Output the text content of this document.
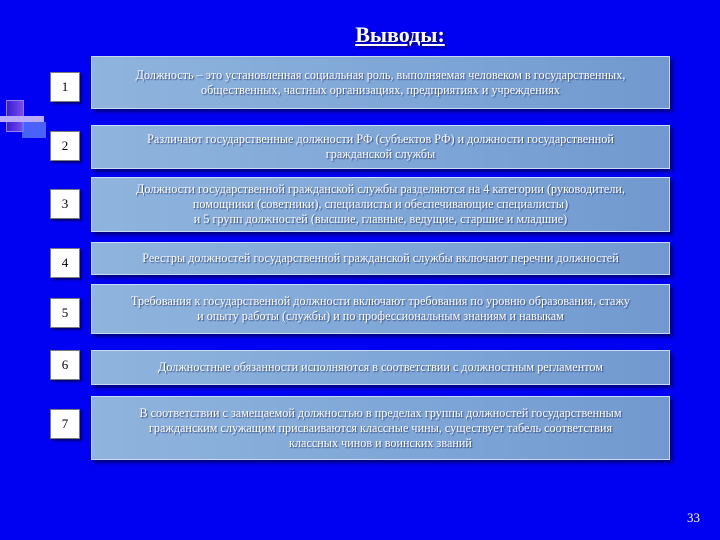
Выводы:
1
Должность – это установленная социальная роль, выполняемая человеком в государственных,
общественных, частных организациях, предприятиях и учреждениях
2	Различают государственные должности РФ (субъектов РФ) и должности государственной
гражданской службы
3
Должности государственной гражданской службы разделяются на 4 категории (руководители,
помощники (советники), специалисты и обеспечивающие специалисты)
и 5 групп должностей (высшие, главные, ведущие, старшие и младшие)
4	Реестры должностей государственной гражданской службы включают перечни должностей
5
Требования к государственной должности включают требования по уровню образования, стажу
и опыту работы (службы) и по профессиональным знаниям и навыкам
6	Должностные обязанности исполняются в соответствии с должностным регламентом
7
В соответствии с замещаемой должностью в пределах группы должностей государственным
гражданским служащим присваиваются классные чины, существует табель соответствия
классных чинов и воинских званий
33
